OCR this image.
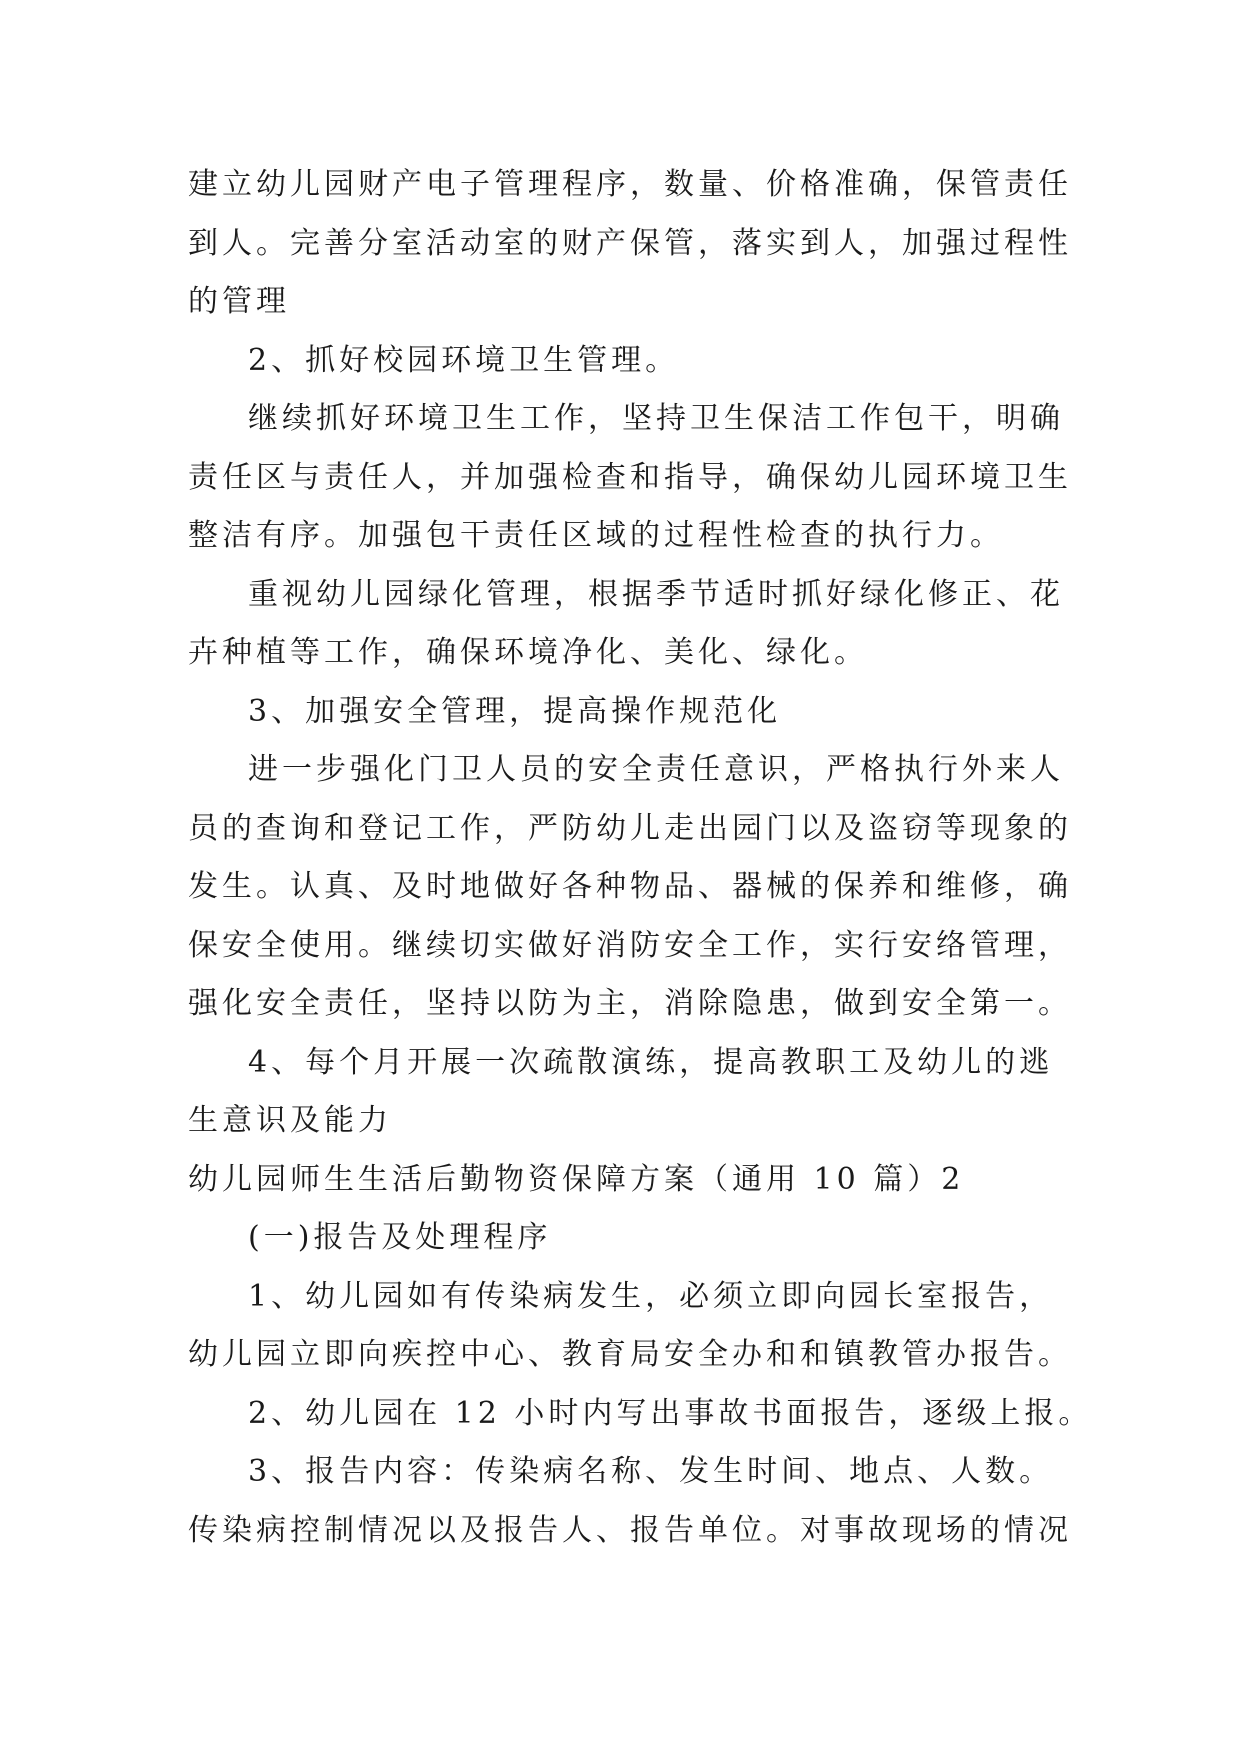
建立幼儿园财产电子管理程序，数量、价格准确，保管责任
到人。完善分室活动室的财产保管，落实到人，加强过程性
的管理
2、抓好校园环境卫生管理。
继续抓好环境卫生工作，坚持卫生保洁工作包干，明确
责任区与责任人，并加强检查和指导，确保幼儿园环境卫生
整洁有序。加强包干责任区域的过程性检查的执行力。
重视幼儿园绿化管理，根据季节适时抓好绿化修正、花
卉种植等工作，确保环境净化、美化、绿化。
3、加强安全管理，提高操作规范化
进一步强化门卫人员的安全责任意识，严格执行外来人
员的查询和登记工作，严防幼儿走出园门以及盗窃等现象的
发生。认真、及时地做好各种物品、器械的保养和维修，确
保安全使用。继续切实做好消防安全工作，实行安络管理，
强化安全责任，坚持以防为主，消除隐患，做到安全第一。
4、每个月开展一次疏散演练，提高教职工及幼儿的逃
生意识及能力
幼儿园师生生活后勤物资保障方案（通用 10 篇）2
(一)报告及处理程序
1、幼儿园如有传染病发生，必须立即向园长室报告，
幼儿园立即向疾控中心、教育局安全办和和镇教管办报告。
2、幼儿园在 12 小时内写出事故书面报告，逐级上报。
3、报告内容：传染病名称、发生时间、地点、人数。
传染病控制情况以及报告人、报告单位。对事故现场的情况
